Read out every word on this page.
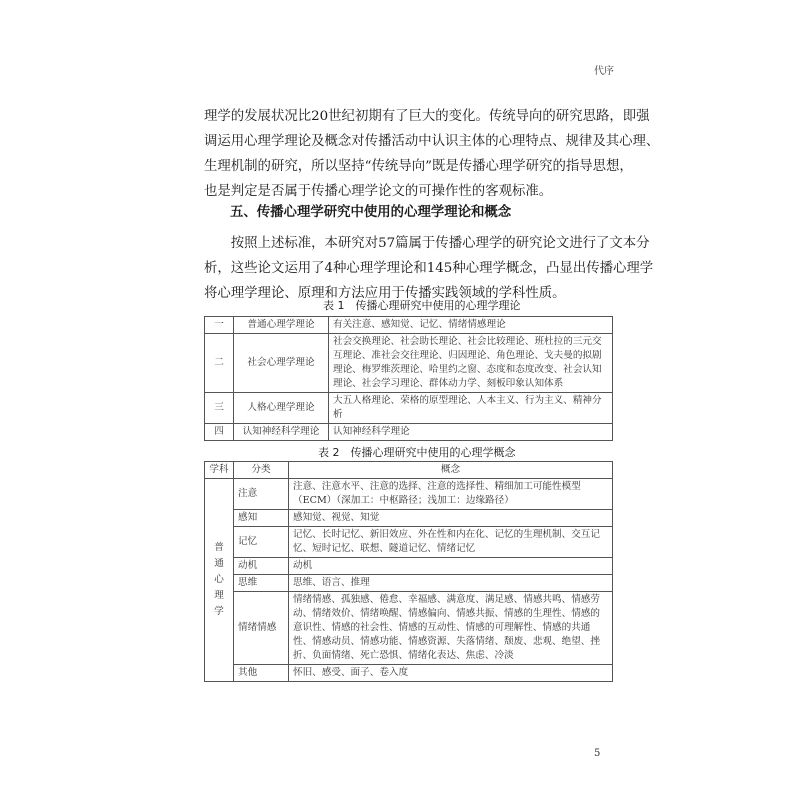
代序

理学的发展状况比20世纪初期有了巨大的变化。传统导向的研究思路，即强
调运用心理学理论及概念对传播活动中认识主体的心理特点、规律及其心理、
生理机制的研究，所以坚持“传统导向”既是传播心理学研究的指导思想，
也是判定是否属于传播心理学论文的可操作性的客观标准。

五、传播心理学研究中使用的心理学理论和概念

按照上述标准，本研究对57篇属于传播心理学的研究论文进行了文本分
析，这些论文运用了4种心理学理论和145种心理学概念，凸显出传播心理学
将心理学理论、原理和方法应用于传播实践领域的学科性质。

表 1　传播心理研究中使用的心理学理论
一	普通心理学理论	有关注意、感知觉、记忆、情绪情感理论
二	社会心理学理论	社会交换理论、社会助长理论、社会比较理论、班杜拉的三元交互理论、准社会交往理论、归因理论、角色理论、戈夫曼的拟剧理论、梅罗维茨理论、哈里约之窗、态度和态度改变、社会认知理论、社会学习理论、群体动力学、刻板印象认知体系
三	人格心理学理论	大五人格理论、荣格的原型理论、人本主义、行为主义、精神分析
四	认知神经科学理论	认知神经科学理论
表 2　传播心理研究中使用的心理学概念
学科	分类	概念

普
通
心
理
学	注意	注意、注意水平、注意的选择、注意的选择性、精细加工可能性模型（ECM）（深加工：中枢路径；浅加工：边缘路径）
	感知	感知觉、视觉、知觉
	记忆	记忆、长时记忆、新旧效应、外在性和内在化、记忆的生理机制、交互记忆、短时记忆、联想、隧道记忆、情绪记忆
	动机	动机
	思维	思维、语言、推理
	情绪情感	情绪情感、孤独感、倦怠、幸福感、满意度、满足感、情感共鸣、情感劳动、情绪效价、情绪唤醒、情感偏向、情感共振、情感的生理性、情感的意识性、情感的社会性、情感的互动性、情感的可理解性、情感的共通性、情感动员、情感功能、情感资源、失落情绪、颓废、悲观、绝望、挫折、负面情绪、死亡恐惧、情绪化表达、焦虑、冷淡
	其他	怀旧、感受、面子、卷入度
5
